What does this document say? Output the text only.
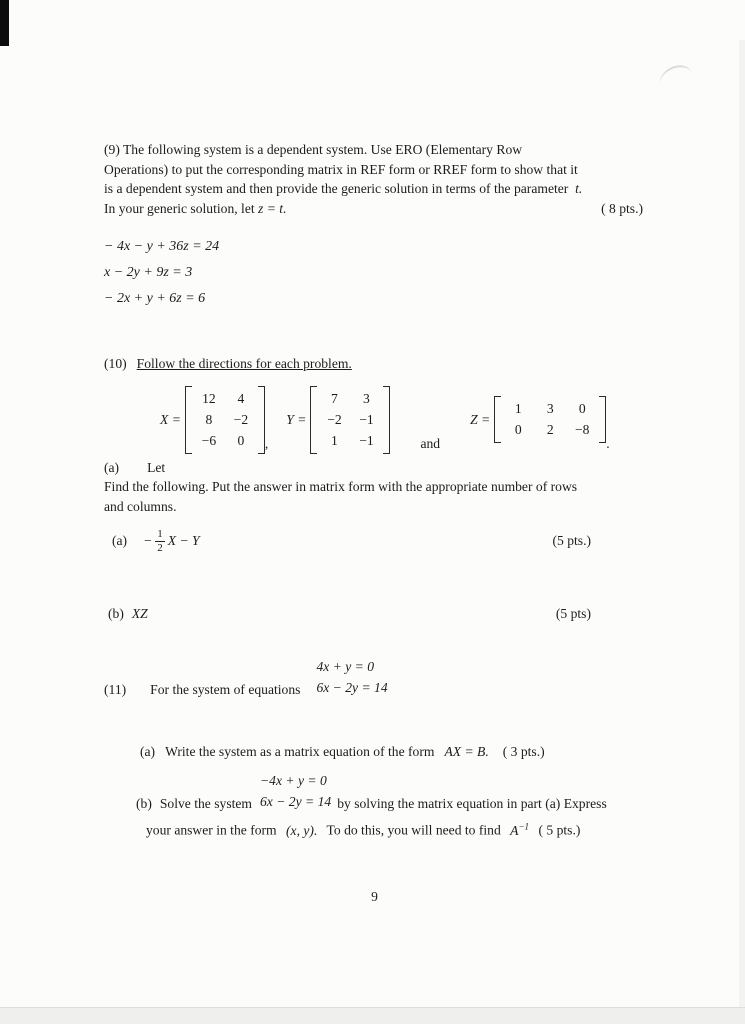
(9) The following system is a dependent system. Use ERO (Elementary Row

Operations) to put the corresponding matrix in REF form or RREF form to show that it

is a dependent system and then provide the generic solution in terms of the parameter t.

( 8 pts.)
In your generic solution, let z = t.

− 4x − y + 36z = 24
x − 2y + 9z = 3
− 2x + y + 6z = 6

(10) Follow the directions for each problem.

X =
12	4
8	−2
−6	0	,
Y =
7	3
−2	−1
1	−1	and
Z =
1	3	0
0	2	−8
.

(a) Let

Find the following. Put the answer in matrix form with the appropriate number of rows

and columns.

$(a) - \frac{1}{2}$ X − Y	(5 pts.)
(b) XZ	(5 pts)
(11) For the system of equations
4x + y = 0
6x − 2y = 14
(a) Write the system as a matrix equation of the form AX = B. ( 3 pts.)
(b) Solve the system
−4x + y = 0
6x − 2y = 14 by solving the matrix equation in part (a) Express
your answer in the form (x, y). To do this, you will need to find $A^{-1}$ ( 5 pts.)
9
